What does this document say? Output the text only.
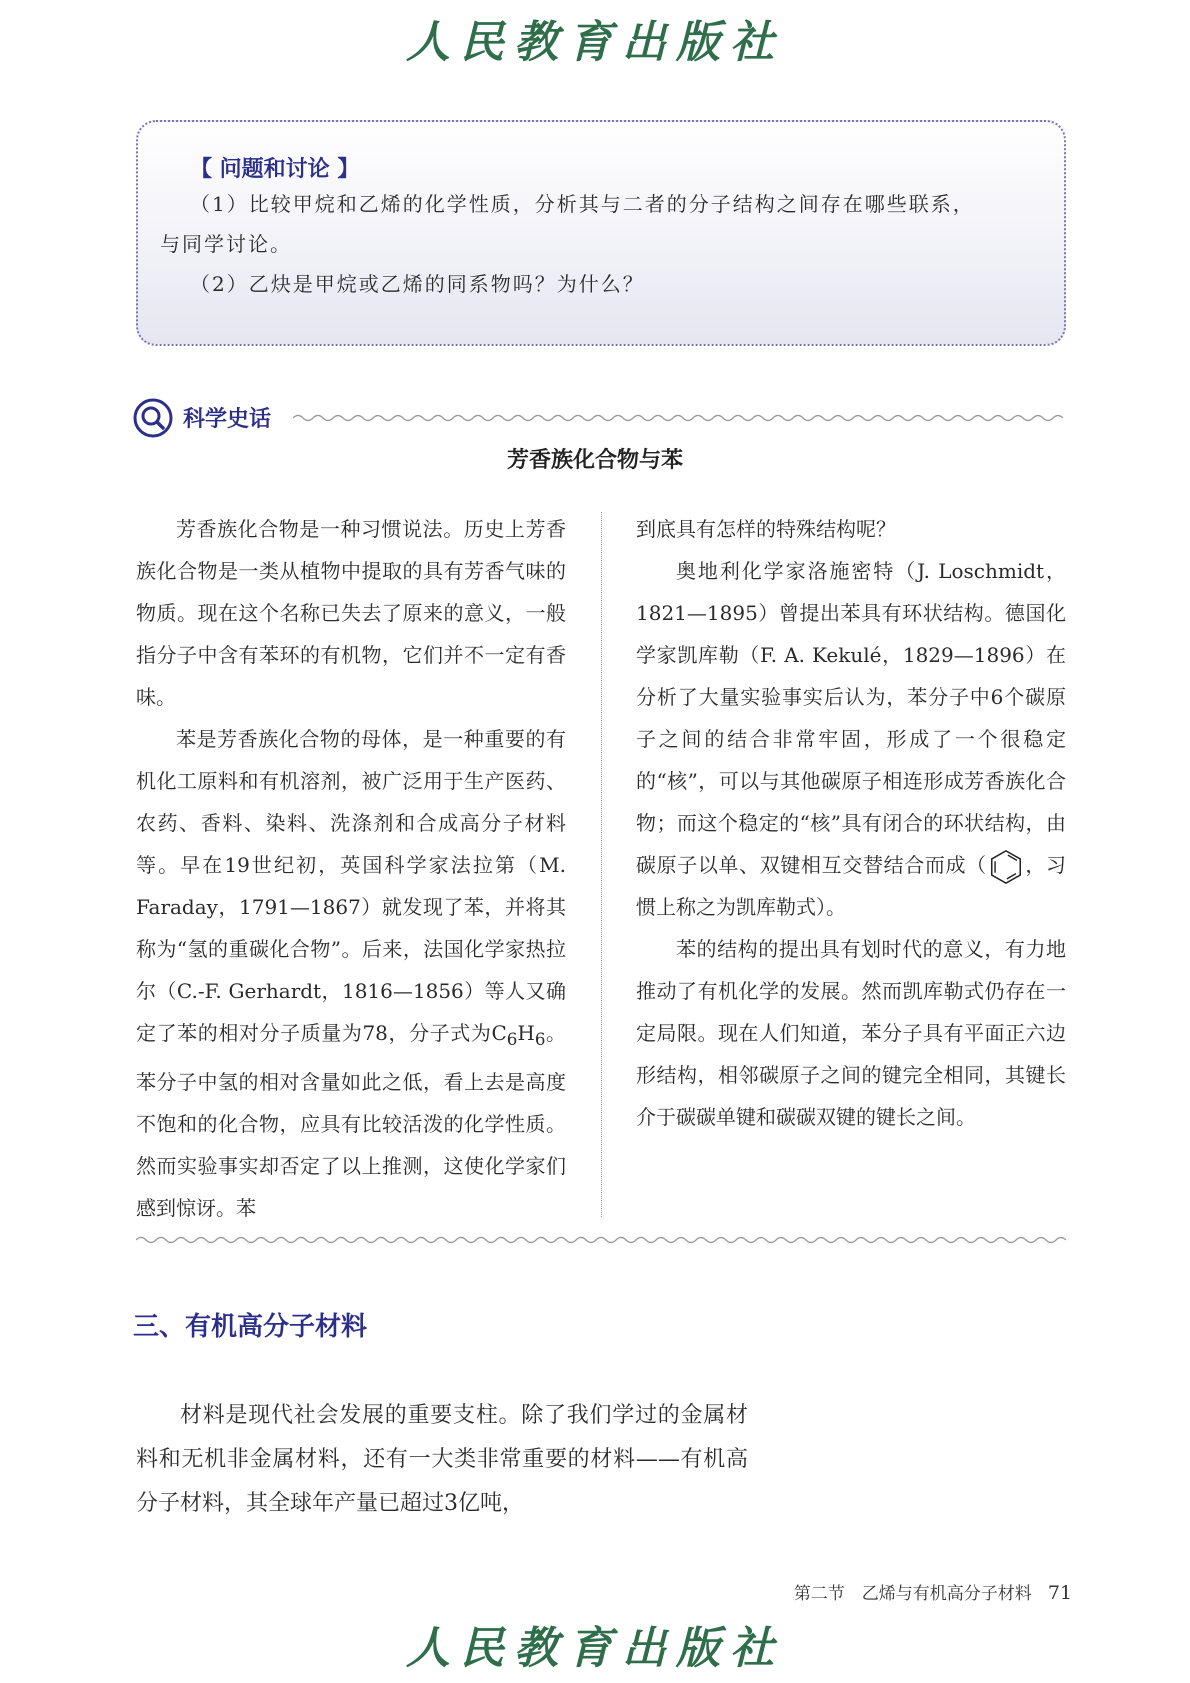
人民教育出版社
【 问题和讨论 】
（1）比较甲烷和乙烯的化学性质，分析其与二者的分子结构之间存在哪些联系，
与同学讨论。
（2）乙炔是甲烷或乙烯的同系物吗？为什么？
科学史话
芳香族化合物与苯

芳香族化合物是一种习惯说法。历史上芳香族化合物是一类从植物中提取的具有芳香气味的物质。现在这个名称已失去了原来的意义，一般指分子中含有苯环的有机物，它们并不一定有香味。

苯是芳香族化合物的母体，是一种重要的有机化工原料和有机溶剂，被广泛用于生产医药、农药、香料、染料、洗涤剂和合成高分子材料等。早在19世纪初，英国科学家法拉第（M. Faraday，1791—1867）就发现了苯，并将其称为“氢的重碳化合物”。后来，法国化学家热拉尔（C.-F. Gerhardt，1816—1856）等人又确定了苯的相对分子质量为78，分子式为$C_6H_6$。苯分子中氢的相对含量如此之低，看上去是高度不饱和的化合物，应具有比较活泼的化学性质。然而实验事实却否定了以上推测，这使化学家们感到惊讶。苯

到底具有怎样的特殊结构呢？

奥地利化学家洛施密特（J. Loschmidt，1821—1895）曾提出苯具有环状结构。德国化学家凯库勒（F. A. Kekulé，1829—1896）在分析了大量实验事实后认为，苯分子中6个碳原子之间的结合非常牢固，形成了一个很稳定的“核”，可以与其他碳原子相连形成芳香族化合物；而这个稳定的“核”具有闭合的环状结构，由碳原子以单、双键相互交替结合而成（ ，习惯上称之为凯库勒式）。

苯的结构的提出具有划时代的意义，有力地推动了有机化学的发展。然而凯库勒式仍存在一定局限。现在人们知道，苯分子具有平面正六边形结构，相邻碳原子之间的键完全相同，其键长介于碳碳单键和碳碳双键的键长之间。

三、有机高分子材料

材料是现代社会发展的重要支柱。除了我们学过的金属材料和无机非金属材料，还有一大类非常重要的材料——有机高分子材料，其全球年产量已超过3亿吨，

第二节　乙烯与有机高分子材料 71
人民教育出版社
